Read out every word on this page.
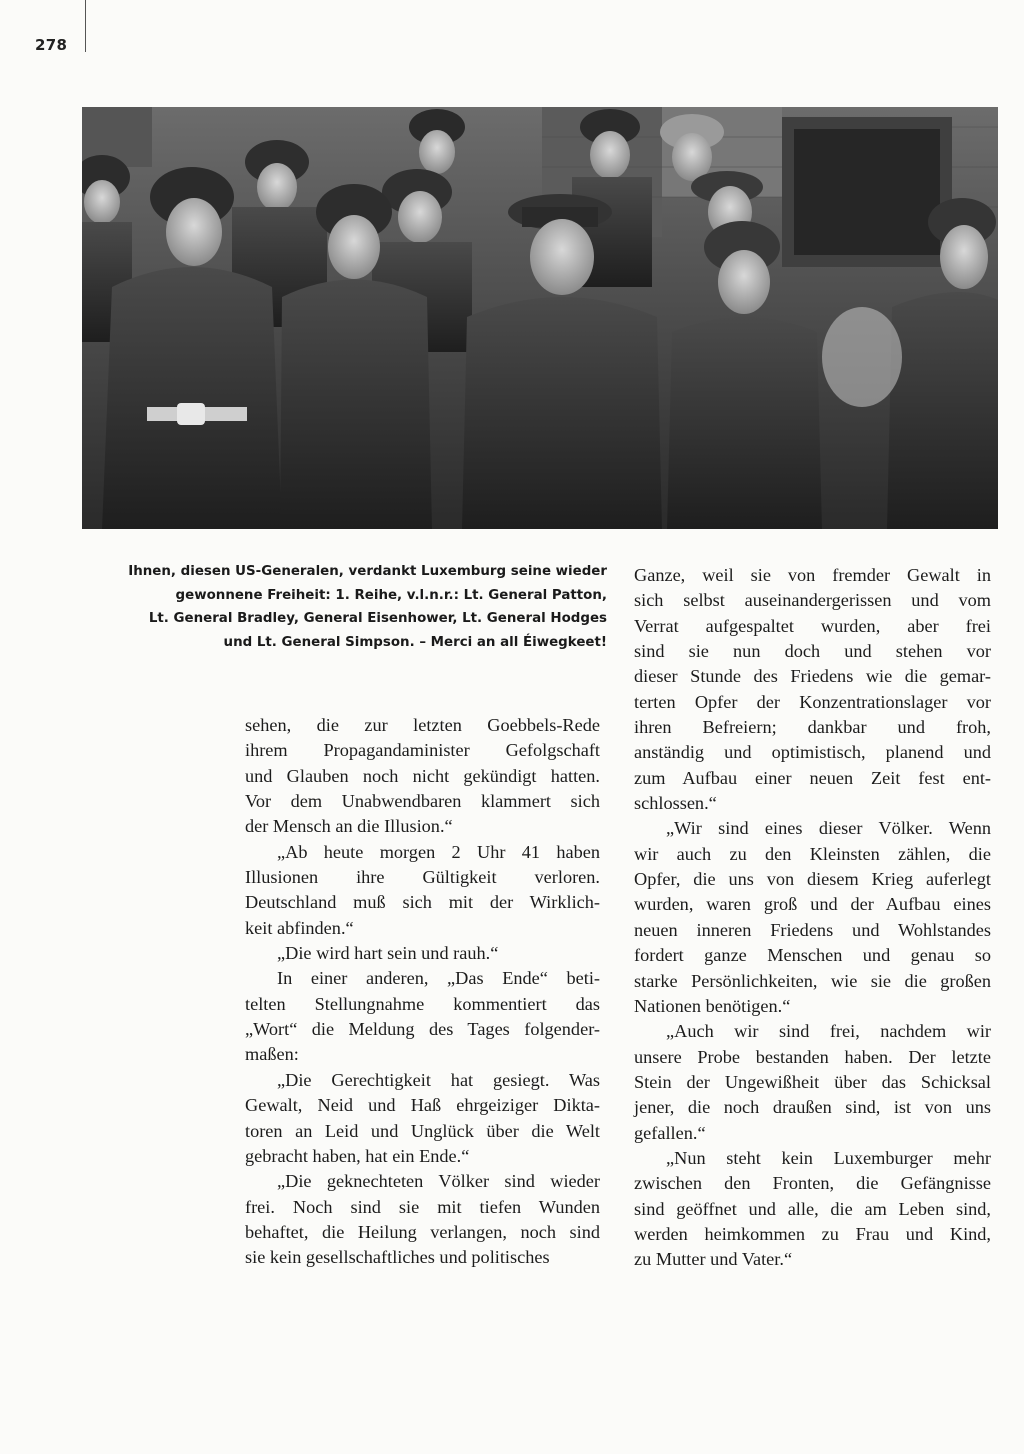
278
Ihnen, diesen US-Generalen, verdankt Luxemburg seine wieder
gewonnene Freiheit: 1. Reihe, v.l.n.r.: Lt. General Patton,
Lt. General Bradley, General Eisenhower, Lt. General Hodges
und Lt. General Simpson. – Merci an all Éiwegkeet!
sehen, die zur letzten Goebbels-Rede
ihrem Propagandaminister Gefolgschaft
und Glauben noch nicht gekündigt hatten.
Vor dem Unabwendbaren klammert sich
der Mensch an die Illusion.“
„Ab heute morgen 2 Uhr 41 haben
Illusionen ihre Gültigkeit verloren.
Deutschland muß sich mit der Wirklich-
keit abfinden.“
„Die wird hart sein und rauh.“
In einer anderen, „Das Ende“ beti-
telten Stellungnahme kommentiert das
„Wort“ die Meldung des Tages folgender-
maßen:
„Die Gerechtigkeit hat gesiegt. Was
Gewalt, Neid und Haß ehrgeiziger Dikta-
toren an Leid und Unglück über die Welt
gebracht haben, hat ein Ende.“
„Die geknechteten Völker sind wieder
frei. Noch sind sie mit tiefen Wunden
behaftet, die Heilung verlangen, noch sind
sie kein gesellschaftliches und politisches
Ganze, weil sie von fremder Gewalt in
sich selbst auseinandergerissen und vom
Verrat aufgespaltet wurden, aber frei
sind sie nun doch und stehen vor
dieser Stunde des Friedens wie die gemar-
terten Opfer der Konzentrationslager vor
ihren Befreiern; dankbar und froh,
anständig und optimistisch, planend und
zum Aufbau einer neuen Zeit fest ent-
schlossen.“
„Wir sind eines dieser Völker. Wenn
wir auch zu den Kleinsten zählen, die
Opfer, die uns von diesem Krieg auferlegt
wurden, waren groß und der Aufbau eines
neuen inneren Friedens und Wohlstandes
fordert ganze Menschen und genau so
starke Persönlichkeiten, wie sie die großen
Nationen benötigen.“
„Auch wir sind frei, nachdem wir
unsere Probe bestanden haben. Der letzte
Stein der Ungewißheit über das Schicksal
jener, die noch draußen sind, ist von uns
gefallen.“
„Nun steht kein Luxemburger mehr
zwischen den Fronten, die Gefängnisse
sind geöffnet und alle, die am Leben sind,
werden heimkommen zu Frau und Kind,
zu Mutter und Vater.“
